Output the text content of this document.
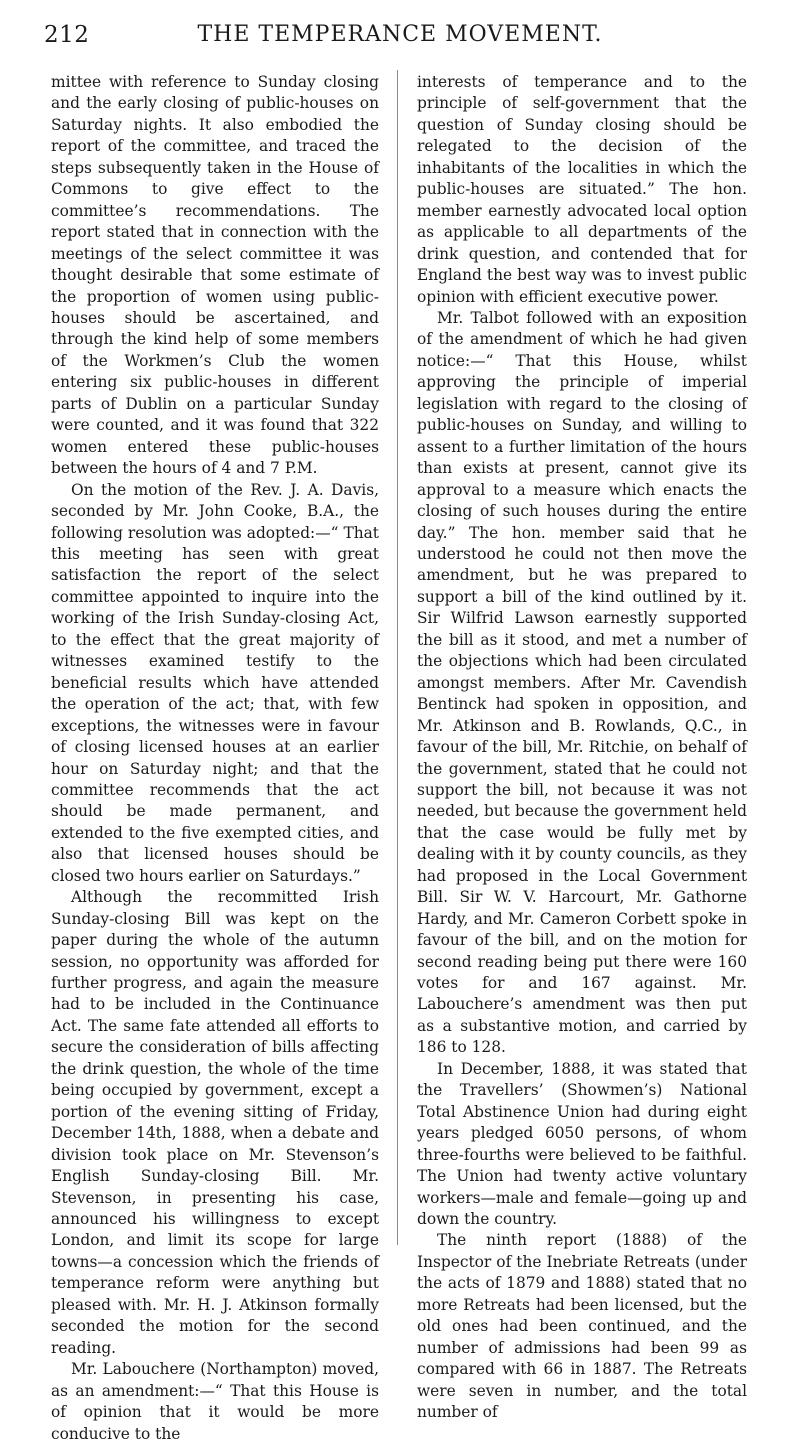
212	THE TEMPERANCE MOVEMENT.

mittee with reference to Sunday closing and the early closing of public-houses on Saturday nights. It also embodied the report of the committee, and traced the steps subsequently taken in the House of Commons to give effect to the committee’s recommendations. The report stated that in connection with the meetings of the select committee it was thought desirable that some estimate of the proportion of women using public-houses should be ascertained, and through the kind help of some members of the Workmen’s Club the women entering six public-houses in different parts of Dublin on a particular Sunday were counted, and it was found that 322 women entered these public-houses between the hours of 4 and 7 P.M.

On the motion of the Rev. J. A. Davis, seconded by Mr. John Cooke, B.A., the following resolution was adopted:—“ That this meeting has seen with great satisfaction the report of the select committee appointed to inquire into the working of the Irish Sunday-closing Act, to the effect that the great majority of witnesses examined testify to the beneficial results which have attended the operation of the act; that, with few exceptions, the witnesses were in favour of closing licensed houses at an earlier hour on Saturday night; and that the committee recommends that the act should be made permanent, and extended to the five exempted cities, and also that licensed houses should be closed two hours earlier on Saturdays.”

Although the recommitted Irish Sunday-closing Bill was kept on the paper during the whole of the autumn session, no opportunity was afforded for further progress, and again the measure had to be included in the Continuance Act. The same fate attended all efforts to secure the consideration of bills affecting the drink question, the whole of the time being occupied by government, except a portion of the evening sitting of Friday, December 14th, 1888, when a debate and division took place on Mr. Stevenson’s English Sunday-closing Bill. Mr. Stevenson, in presenting his case, announced his willingness to except London, and limit its scope for large towns—a concession which the friends of temperance reform were anything but pleased with. Mr. H. J. Atkinson formally seconded the motion for the second reading.

Mr. Labouchere (Northampton) moved, as an amendment:—“ That this House is of opinion that it would be more conducive to the

interests of temperance and to the principle of self-government that the question of Sunday closing should be relegated to the decision of the inhabitants of the localities in which the public-houses are situated.” The hon. member earnestly advocated local option as applicable to all departments of the drink question, and contended that for England the best way was to invest public opinion with efficient executive power.

Mr. Talbot followed with an exposition of the amendment of which he had given notice:—“ That this House, whilst approving the principle of imperial legislation with regard to the closing of public-houses on Sunday, and willing to assent to a further limitation of the hours than exists at present, cannot give its approval to a measure which enacts the closing of such houses during the entire day.” The hon. member said that he understood he could not then move the amendment, but he was prepared to support a bill of the kind outlined by it. Sir Wilfrid Lawson earnestly supported the bill as it stood, and met a number of the objections which had been circulated amongst members. After Mr. Cavendish Bentinck had spoken in opposition, and Mr. Atkinson and B. Rowlands, Q.C., in favour of the bill, Mr. Ritchie, on behalf of the government, stated that he could not support the bill, not because it was not needed, but because the government held that the case would be fully met by dealing with it by county councils, as they had proposed in the Local Government Bill. Sir W. V. Harcourt, Mr. Gathorne Hardy, and Mr. Cameron Corbett spoke in favour of the bill, and on the motion for second reading being put there were 160 votes for and 167 against. Mr. Labouchere’s amendment was then put as a substantive motion, and carried by 186 to 128.

In December, 1888, it was stated that the Travellers’ (Showmen’s) National Total Abstinence Union had during eight years pledged 6050 persons, of whom three-fourths were believed to be faithful. The Union had twenty active voluntary workers—male and female—going up and down the country.

The ninth report (1888) of the Inspector of the Inebriate Retreats (under the acts of 1879 and 1888) stated that no more Retreats had been licensed, but the old ones had been continued, and the number of admissions had been 99 as compared with 66 in 1887. The Retreats were seven in number, and the total number of
